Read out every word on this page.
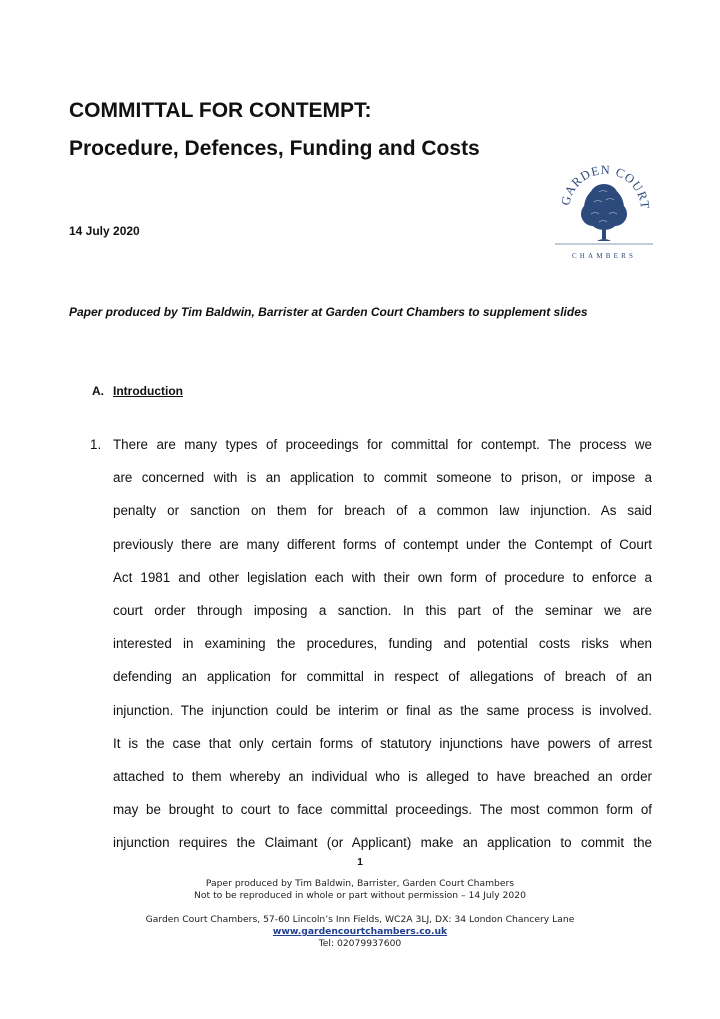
COMMITTAL FOR CONTEMPT:
Procedure, Defences, Funding and Costs
GARDEN COURT
CHAMBERS
14 July 2020
Paper produced by Tim Baldwin, Barrister at Garden Court Chambers to supplement slides
A. Introduction
1. There are many types of proceedings for committal for contempt. The process we
are concerned with is an application to commit someone to prison, or impose a
penalty or sanction on them for breach of a common law injunction. As said
previously there are many different forms of contempt under the Contempt of Court
Act 1981 and other legislation each with their own form of procedure to enforce a
court order through imposing a sanction. In this part of the seminar we are
interested in examining the procedures, funding and potential costs risks when
defending an application for committal in respect of allegations of breach of an
injunction. The injunction could be interim or final as the same process is involved.
It is the case that only certain forms of statutory injunctions have powers of arrest
attached to them whereby an individual who is alleged to have breached an order
may be brought to court to face committal proceedings. The most common form of
injunction requires the Claimant (or Applicant) make an application to commit the
1
Paper produced by Tim Baldwin, Barrister, Garden Court Chambers
Not to be reproduced in whole or part without permission – 14 July 2020
Garden Court Chambers, 57-60 Lincoln’s Inn Fields, WC2A 3LJ, DX: 34 London Chancery Lane
www.gardencourtchambers.co.uk
Tel: 02079937600
